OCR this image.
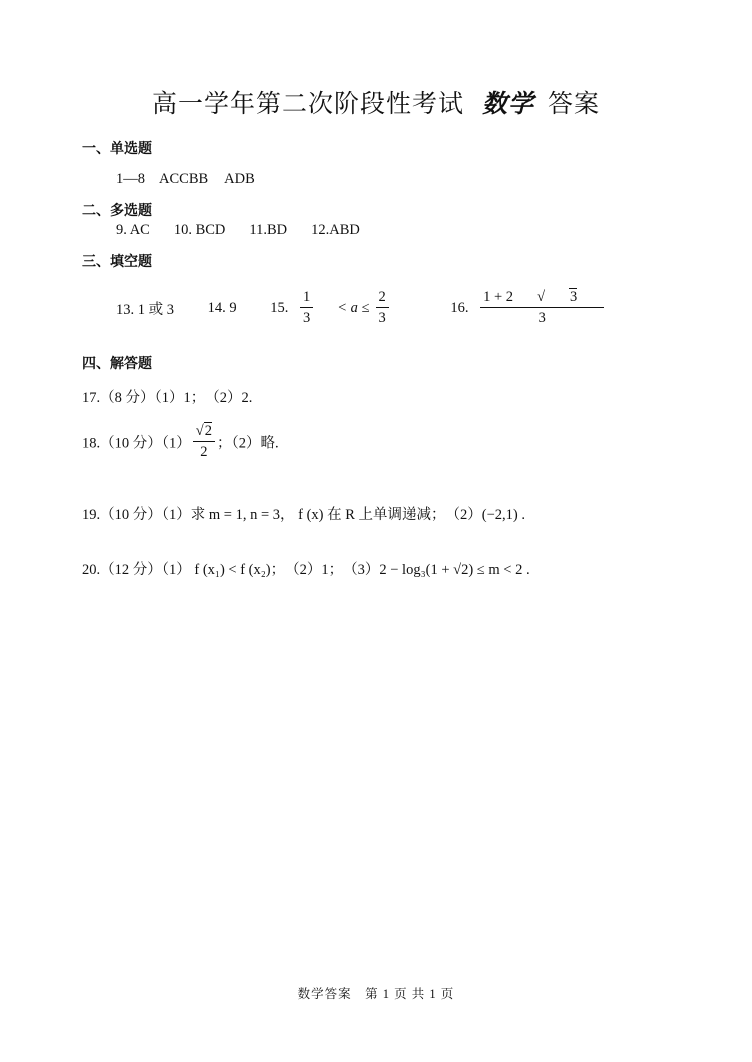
高一学年第二次阶段性考试 数学 答案
一、单选题
1—8 ACCBB ADB
二、多选题
9. AC 10. BCD 11.BD 12.ABD
三、填空题
13. 1 或 3 14. 9 15. $\frac{1}{3} < a \le \frac{2}{3}$	16. $\frac{1 + 2 √ 3}{3}$
四、解答题
17.（8 分）（1）1；　（2）2.
18.（10 分）$(1) \frac{√2}{2}$ ；（2）略.
19.（10 分）（1）求 m = 1, n = 3， f (x) 在 R 上单调递减；　（2）(−2,1) .
20.（12 分）（1） f (x₁) < f (x₂)；　（2）1；　（3）2 − log₃(1 + √2) ≤ m < 2 .
数学答案　第 1 页 共 1 页
